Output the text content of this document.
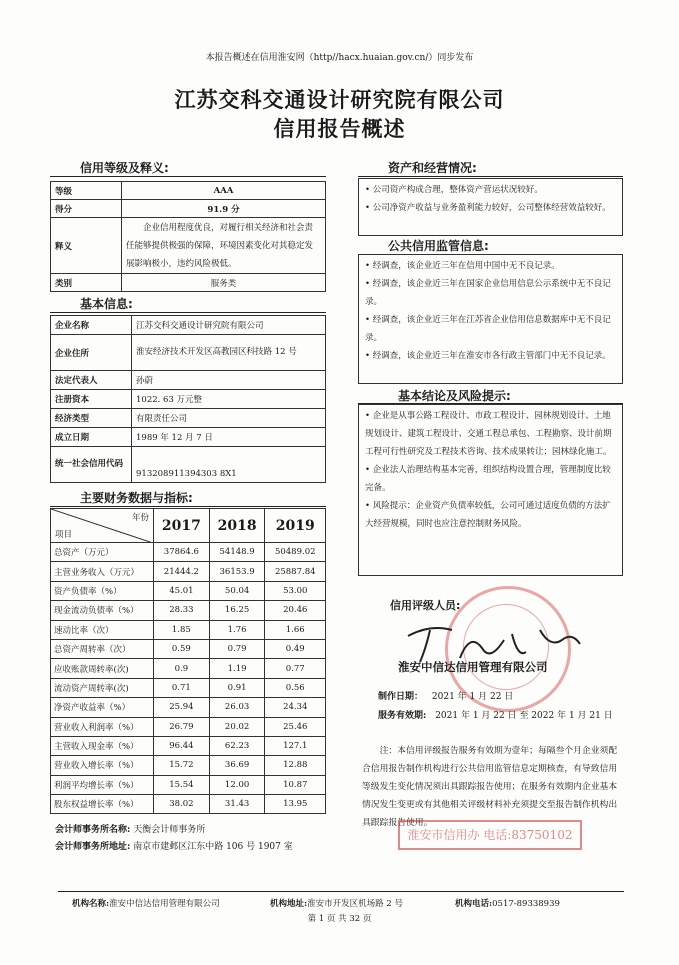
本报告概述在信用淮安网（http//hacx.huaian.gov.cn/）同步发布
江苏交科交通设计研究院有限公司
信用报告概述
信用等级及释义:
等级	AAA
得分	91.9 分
释义	企业信用程度优良，对履行相关经济和社会责任能够提供极强的保障，环境因素变化对其稳定发展影响极小，违约风险极低。
类别	服务类
基本信息:
企业名称	江苏交科交通设计研究院有限公司
企业住所	淮安经济技术开发区高教园区科技路 12 号
法定代表人	孙蔚
注册资本	1022. 63 万元整
经济类型	有限责任公司
成立日期	1989 年 12 月 7 日
统一社会信用代码	913208911394303 8X1
主要财务数据与指标:
年份
项目	2017	2018	2019
总资产（万元）	37864.6	54148.9	50489.02
主营业务收入（万元）	21444.2	36153.9	25887.84
资产负债率（%）	45.01	50.04	53.00
现金流动负债率（%）	28.33	16.25	20.46
速动比率（次）	1.85	1.76	1.66
总资产周转率（次）	0.59	0.79	0.49
应收账款周转率(次)	0.9	1.19	0.77
流动资产周转率(次)	0.71	0.91	0.56
净资产收益率（%）	25.94	26.03	24.34
营业收入利润率（%）	26.79	20.02	25.46
主营收入现金率（%）	96.44	62.23	127.1
营业收入增长率（%）	15.72	36.69	12.88
利润平均增长率（%）	15.54	12.00	10.87
股东权益增长率（%）	38.02	31.43	13.95
会计师事务所名称: 天衡会计师事务所
会计师事务所地址: 南京市建邺区江东中路 106 号 1907 室
资产和经营情况:

• 公司资产构成合理，整体资产营运状况较好。

• 公司净资产收益与业务盈利能力较好，公司整体经营效益较好。

公共信用监管信息:

• 经调查，该企业近三年在信用中国中无不良记录。

• 经调查，该企业近三年在国家企业信用信息公示系统中无不良记录。

• 经调查，该企业近三年在江苏省企业信用信息数据库中无不良记录。

• 经调查，该企业近三年在淮安市各行政主管部门中无不良记录。

基本结论及风险提示:

• 企业是从事公路工程设计、市政工程设计、园林规划设计、土地规划设计、建筑工程设计、交通工程总承包、工程勘察、设计前期工程可行性研究及工程技术咨询、技术成果转让；园林绿化施工。

• 企业法人治理结构基本完善，组织结构设置合理，管理制度比较完备。

• 风险提示：企业资产负债率较低，公司可通过适度负债的方法扩大经营规模，同时也应注意控制财务风险。

信用评级人员:
淮安中信达信用管理有限公司
制作日期： 2021 年 1 月 22 日
服务有效期: 2021 年 1 月 22 日 至 2022 年 1 月 21 日
注：本信用评级报告服务有效期为壹年；每隔叁个月企业须配合信用报告制作机构进行公共信用监管信息定期核查，有导致信用等级发生变化情况须出具跟踪报告使用；在服务有效期内企业基本情况发生变更或有其他相关评级材料补充须提交至报告制作机构出具跟踪报告使用。
淮安市信用办 电话:83750102
机构名称:淮安中信达信用管理有限公司	机构地址:淮安市开发区机场路 2 号	机构电话:0517-89338939
第 1 页 共 32 页
